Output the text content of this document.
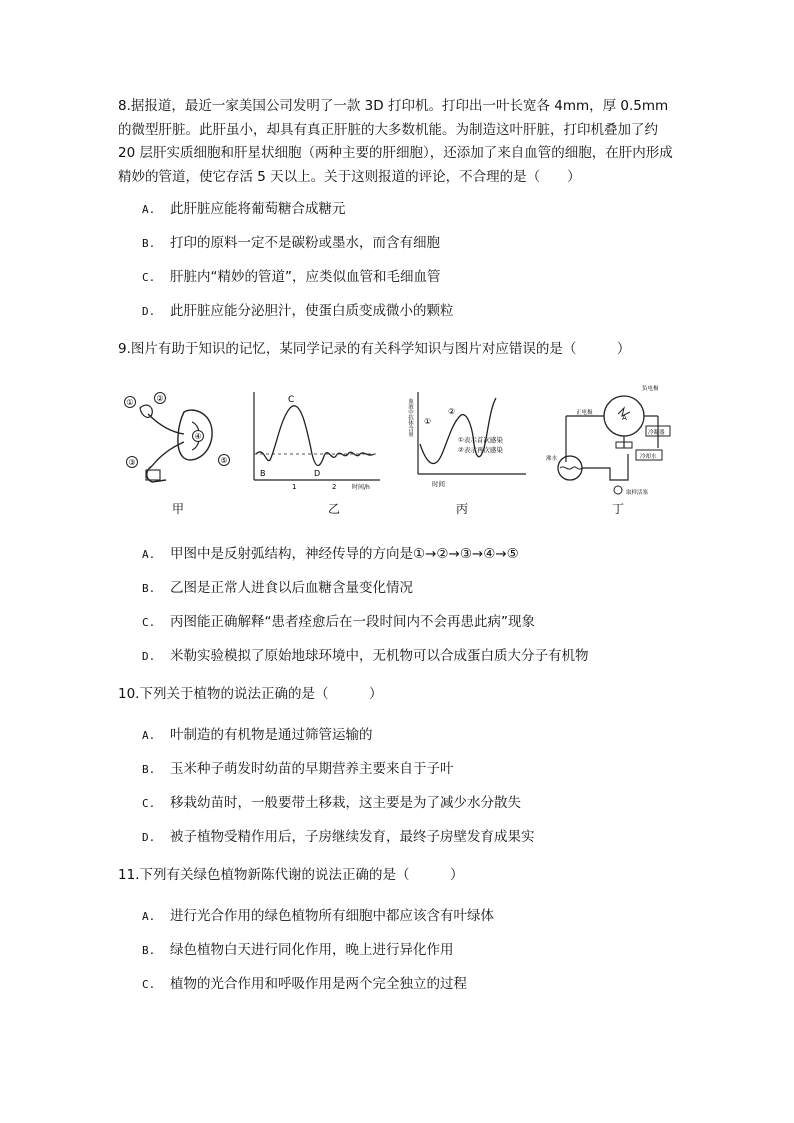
8.据报道，最近一家美国公司发明了一款 3D 打印机。打印出一叶长宽各 4mm，厚 0.5mm 的微型肝脏。此肝虽小，却具有真正肝脏的大多数机能。为制造这叶肝脏，打印机叠加了约 20 层肝实质细胞和肝星状细胞（两种主要的肝细胞），还添加了来自血管的细胞，在肝内形成精妙的管道，使它存活 5 天以上。关于这则报道的评论，不合理的是（　　）
A. 此肝脏应能将葡萄糖合成糖元
B. 打印的原料一定不是碳粉或墨水，而含有细胞
C. 肝脏内“精妙的管道”，应类似血管和毛细血管
D. 此肝脏应能分泌胆汁，使蛋白质变成微小的颗粒
9.图片有助于知识的记忆，某同学记录的有关科学知识与图片对应错误的是（　　　）
①	②
③
④
⑤
C
B	D
1	2	时间/h
①
②
①表示首次感染
②表示再次感染
血液中抗体含量
时间
负电极
正电极
冷凝器
冷却水
沸水
取样活塞
A
甲	乙	丙	丁
A. 甲图中是反射弧结构，神经传导的方向是①→②→③→④→⑤
B. 乙图是正常人进食以后血糖含量变化情况
C. 丙图能正确解释“患者痊愈后在一段时间内不会再患此病”现象
D. 米勒实验模拟了原始地球环境中，无机物可以合成蛋白质大分子有机物
10.下列关于植物的说法正确的是（　　　）
A. 叶制造的有机物是通过筛管运输的
B. 玉米种子萌发时幼苗的早期营养主要来自于子叶
C. 移栽幼苗时，一般要带土移栽，这主要是为了减少水分散失
D. 被子植物受精作用后，子房继续发育，最终子房壁发育成果实
11.下列有关绿色植物新陈代谢的说法正确的是（　　　）
A. 进行光合作用的绿色植物所有细胞中都应该含有叶绿体
B. 绿色植物白天进行同化作用，晚上进行异化作用
C. 植物的光合作用和呼吸作用是两个完全独立的过程
